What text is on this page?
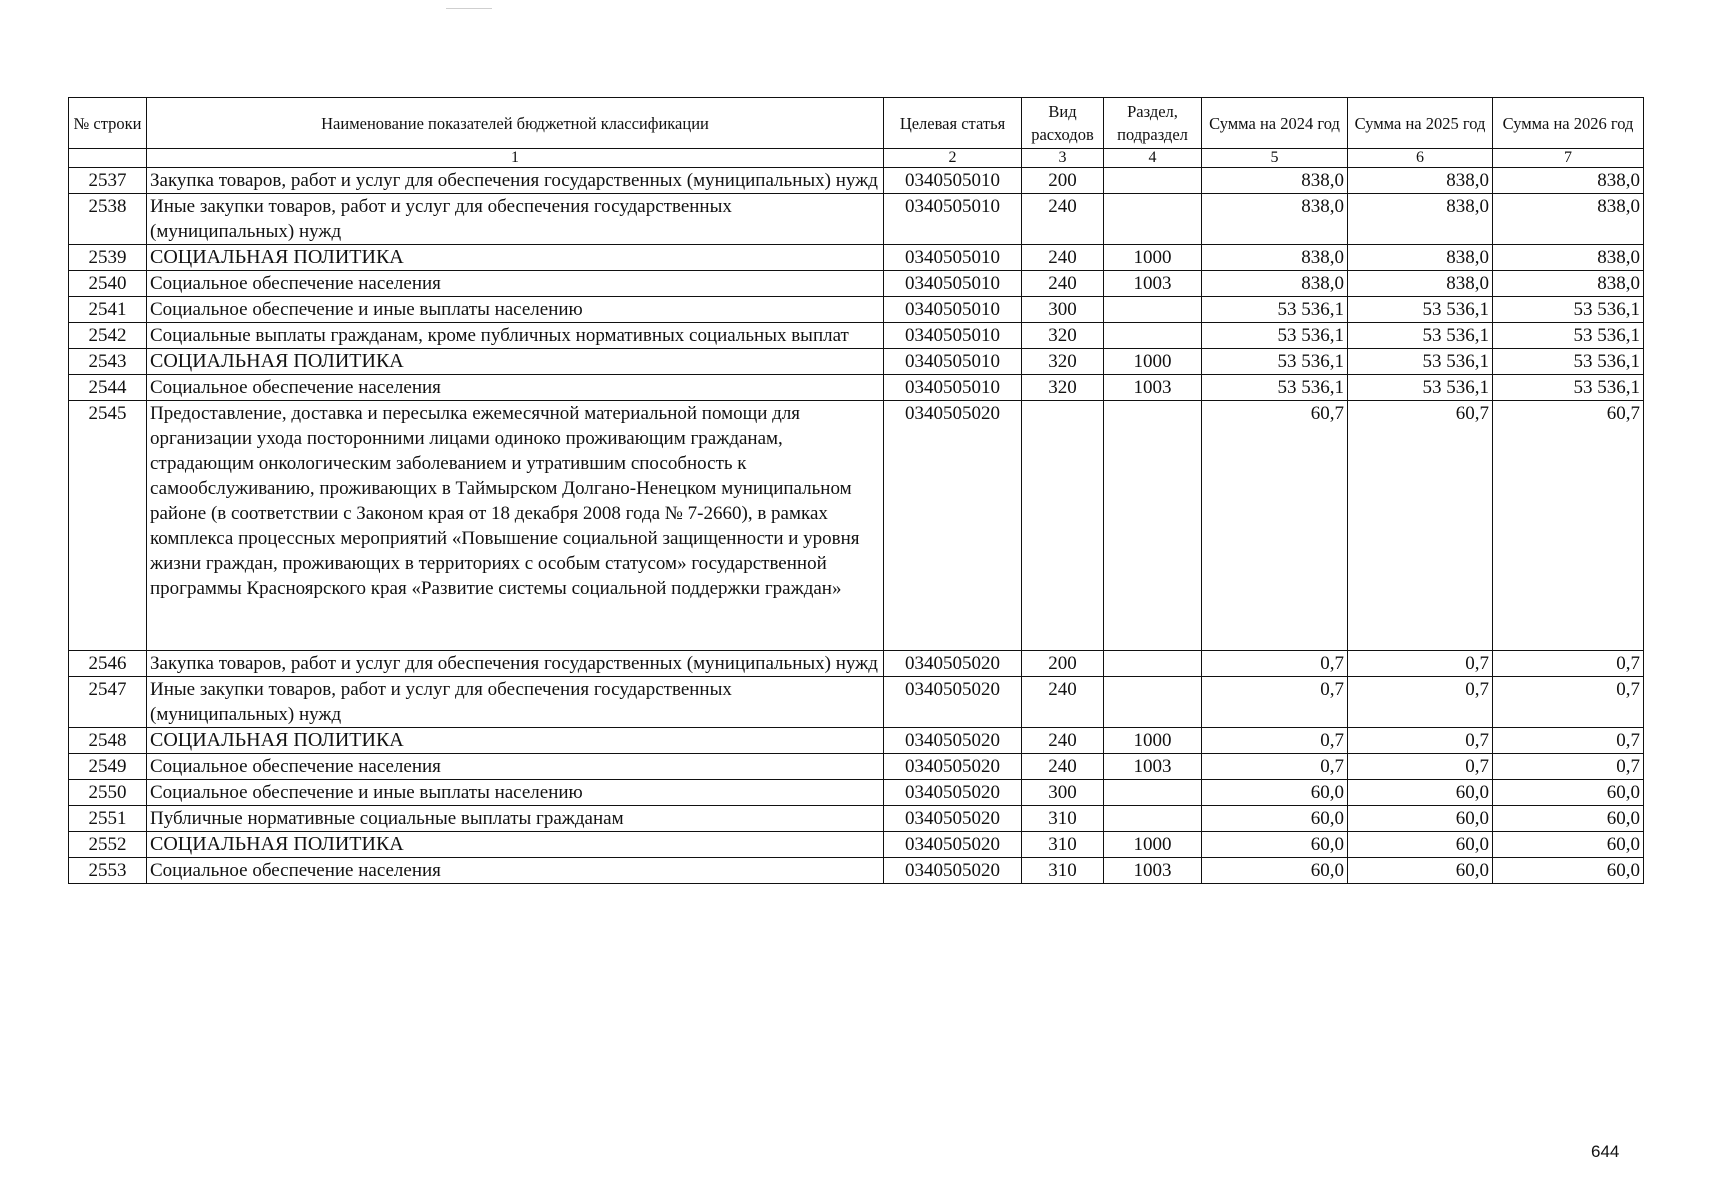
№ строки	Наименование показателей бюджетной классификации	Целевая статья	Вид расходов	Раздел, подраздел	Сумма на 2024 год	Сумма на 2025 год	Сумма на 2026 год
	1	2	3	4	5	6	7
2537	Закупка товаров, работ и услуг для обеспечения государственных (муниципальных) нужд	0340505010	200		838,0	838,0	838,0
2538	Иные закупки товаров, работ и услуг для обеспечения государственных (муниципальных) нужд	0340505010	240		838,0	838,0	838,0
2539	СОЦИАЛЬНАЯ ПОЛИТИКА	0340505010	240	1000	838,0	838,0	838,0
2540	Социальное обеспечение населения	0340505010	240	1003	838,0	838,0	838,0
2541	Социальное обеспечение и иные выплаты населению	0340505010	300		53 536,1	53 536,1	53 536,1
2542	Социальные выплаты гражданам, кроме публичных нормативных социальных выплат	0340505010	320		53 536,1	53 536,1	53 536,1
2543	СОЦИАЛЬНАЯ ПОЛИТИКА	0340505010	320	1000	53 536,1	53 536,1	53 536,1
2544	Социальное обеспечение населения	0340505010	320	1003	53 536,1	53 536,1	53 536,1
2545	Предоставление, доставка и пересылка ежемесячной материальной помощи для организации ухода посторонними лицами одиноко проживающим гражданам, страдающим онкологическим заболеванием и утратившим способность к самообслуживанию, проживающих в Таймырском Долгано-Ненецком муниципальном районе (в соответствии с Законом края от 18 декабря 2008 года № 7-2660), в рамках комплекса процессных мероприятий «Повышение социальной защищенности и уровня жизни граждан, проживающих в территориях с особым статусом» государственной программы Красноярского края «Развитие системы социальной поддержки граждан»	0340505020			60,7	60,7	60,7
2546	Закупка товаров, работ и услуг для обеспечения государственных (муниципальных) нужд	0340505020	200		0,7	0,7	0,7
2547	Иные закупки товаров, работ и услуг для обеспечения государственных (муниципальных) нужд	0340505020	240		0,7	0,7	0,7
2548	СОЦИАЛЬНАЯ ПОЛИТИКА	0340505020	240	1000	0,7	0,7	0,7
2549	Социальное обеспечение населения	0340505020	240	1003	0,7	0,7	0,7
2550	Социальное обеспечение и иные выплаты населению	0340505020	300		60,0	60,0	60,0
2551	Публичные нормативные социальные выплаты гражданам	0340505020	310		60,0	60,0	60,0
2552	СОЦИАЛЬНАЯ ПОЛИТИКА	0340505020	310	1000	60,0	60,0	60,0
2553	Социальное обеспечение населения	0340505020	310	1003	60,0	60,0	60,0
644
